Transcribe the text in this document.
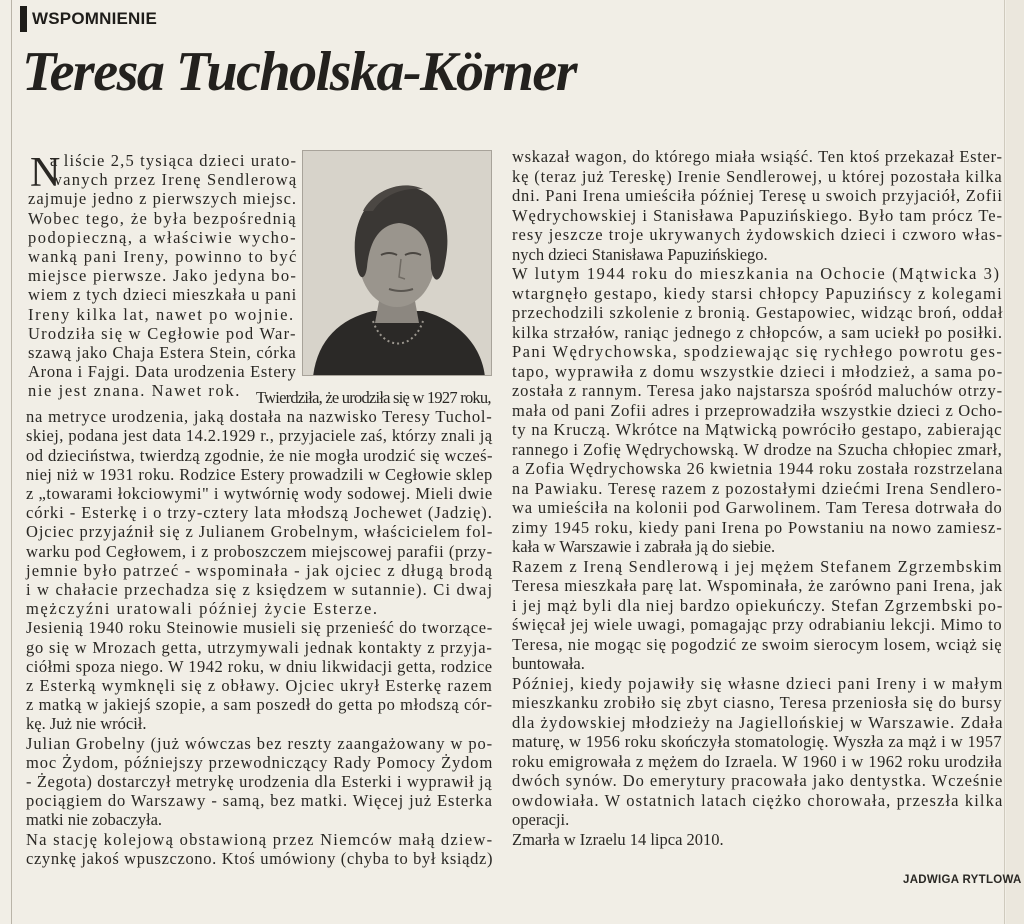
WSPOMNIENIE
Teresa Tucholska-Körner
N
a liście 2,5 tysiąca dzieci urato-
wanych przez Irenę Sendlerową
zajmuje jedno z pierwszych miejsc.
Wobec tego, że była bezpośrednią
podopieczną, a właściwie wycho-
wanką pani Ireny, powinno to być
miejsce pierwsze. Jako jedyna bo-
wiem z tych dzieci mieszkała u pani
Ireny kilka lat, nawet po wojnie.
Urodziła się w Cegłowie pod War-
szawą jako Chaja Estera Stein, córka
Arona i Fajgi. Data urodzenia Estery
nie jest znana. Nawet rok. Twierdziła, że urodziła się w 1927 roku,
na metryce urodzenia, jaką dostała na nazwisko Teresy Tuchol-
skiej, podana jest data 14.2.1929 r., przyjaciele zaś, którzy znali ją
od dzieciństwa, twierdzą zgodnie, że nie mogła urodzić się wcześ-
niej niż w 1931 roku. Rodzice Estery prowadzili w Cegłowie sklep
z „towarami łokciowymi" i wytwórnię wody sodowej. Mieli dwie
córki - Esterkę i o trzy-cztery lata młodszą Jochewet (Jadzię).
Ojciec przyjaźnił się z Julianem Grobelnym, właścicielem fol-
warku pod Cegłowem, i z proboszczem miejscowej parafii (przy-
jemnie było patrzeć - wspominała - jak ojciec z długą brodą
i w chałacie przechadza się z księdzem w sutannie). Ci dwaj
mężczyźni uratowali później życie Esterze.
Jesienią 1940 roku Steinowie musieli się przenieść do tworzące-
go się w Mrozach getta, utrzymywali jednak kontakty z przyja-
ciółmi spoza niego. W 1942 roku, w dniu likwidacji getta, rodzice
z Esterką wymknęli się z obławy. Ojciec ukrył Esterkę razem
z matką w jakiejś szopie, a sam poszedł do getta po młodszą cór-
kę. Już nie wrócił.
Julian Grobelny (już wówczas bez reszty zaangażowany w po-
moc Żydom, późniejszy przewodniczący Rady Pomocy Żydom
- Żegota) dostarczył metrykę urodzenia dla Esterki i wyprawił ją
pociągiem do Warszawy - samą, bez matki. Więcej już Esterka
matki nie zobaczyła.
Na stację kolejową obstawioną przez Niemców małą dziew-
czynkę jakoś wpuszczono. Ktoś umówiony (chyba to był ksiądz)
wskazał wagon, do którego miała wsiąść. Ten ktoś przekazał Ester-
kę (teraz już Tereskę) Irenie Sendlerowej, u której pozostała kilka
dni. Pani Irena umieściła później Teresę u swoich przyjaciół, Zofii
Wędrychowskiej i Stanisława Papuzińskiego. Było tam prócz Te-
resy jeszcze troje ukrywanych żydowskich dzieci i czworo włas-
nych dzieci Stanisława Papuzińskiego.
W lutym 1944 roku do mieszkania na Ochocie (Mątwicka 3)
wtargnęło gestapo, kiedy starsi chłopcy Papuzińscy z kolegami
przechodzili szkolenie z bronią. Gestapowiec, widząc broń, oddał
kilka strzałów, raniąc jednego z chłopców, a sam uciekł po posiłki.
Pani Wędrychowska, spodziewając się rychłego powrotu ges-
tapo, wyprawiła z domu wszystkie dzieci i młodzież, a sama po-
została z rannym. Teresa jako najstarsza spośród maluchów otrzy-
mała od pani Zofii adres i przeprowadziła wszystkie dzieci z Ocho-
ty na Kruczą. Wkrótce na Mątwicką powróciło gestapo, zabierając
rannego i Zofię Wędrychowską. W drodze na Szucha chłopiec zmarł,
a Zofia Wędrychowska 26 kwietnia 1944 roku została rozstrzelana
na Pawiaku. Teresę razem z pozostałymi dziećmi Irena Sendlero-
wa umieściła na kolonii pod Garwolinem. Tam Teresa dotrwała do
zimy 1945 roku, kiedy pani Irena po Powstaniu na nowo zamiesz-
kała w Warszawie i zabrała ją do siebie.
Razem z Ireną Sendlerową i jej mężem Stefanem Zgrzembskim
Teresa mieszkała parę lat. Wspominała, że zarówno pani Irena, jak
i jej mąż byli dla niej bardzo opiekuńczy. Stefan Zgrzembski po-
święcał jej wiele uwagi, pomagając przy odrabianiu lekcji. Mimo to
Teresa, nie mogąc się pogodzić ze swoim sierocym losem, wciąż się
buntowała.
Później, kiedy pojawiły się własne dzieci pani Ireny i w małym
mieszkanku zrobiło się zbyt ciasno, Teresa przeniosła się do bursy
dla żydowskiej młodzieży na Jagiellońskiej w Warszawie. Zdała
maturę, w 1956 roku skończyła stomatologię. Wyszła za mąż i w 1957
roku emigrowała z mężem do Izraela. W 1960 i w 1962 roku urodziła
dwóch synów. Do emerytury pracowała jako dentystka. Wcześnie
owdowiała. W ostatnich latach ciężko chorowała, przeszła kilka
operacji.
Zmarła w Izraelu 14 lipca 2010.
JADWIGA RYTLOWA
